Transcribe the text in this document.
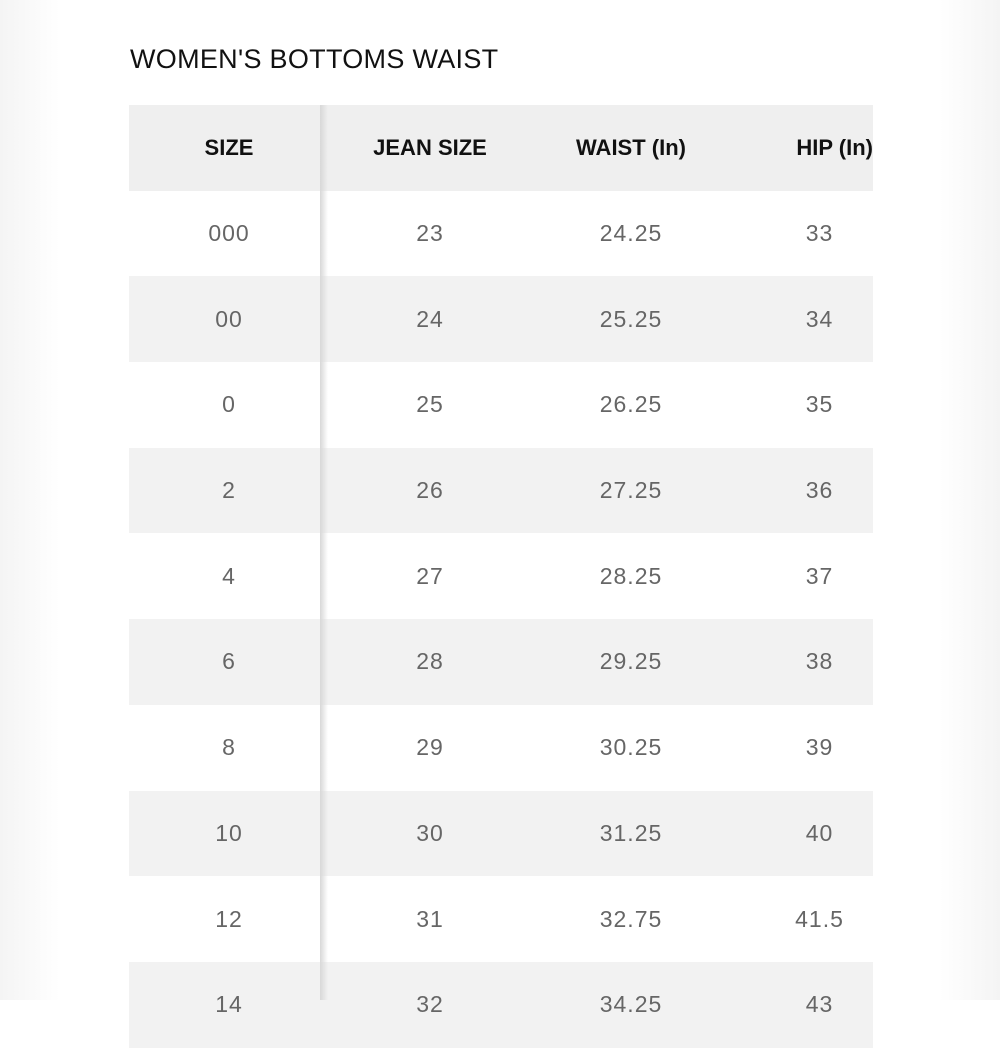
WOMEN'S BOTTOMS WAIST
SIZE	JEAN SIZE	WAIST (In)	HIP (In)
000	23	24.25	33
00	24	25.25	34
0	25	26.25	35
2	26	27.25	36
4	27	28.25	37
6	28	29.25	38
8	29	30.25	39
10	30	31.25	40
12	31	32.75	41.5
14	32	34.25	43
